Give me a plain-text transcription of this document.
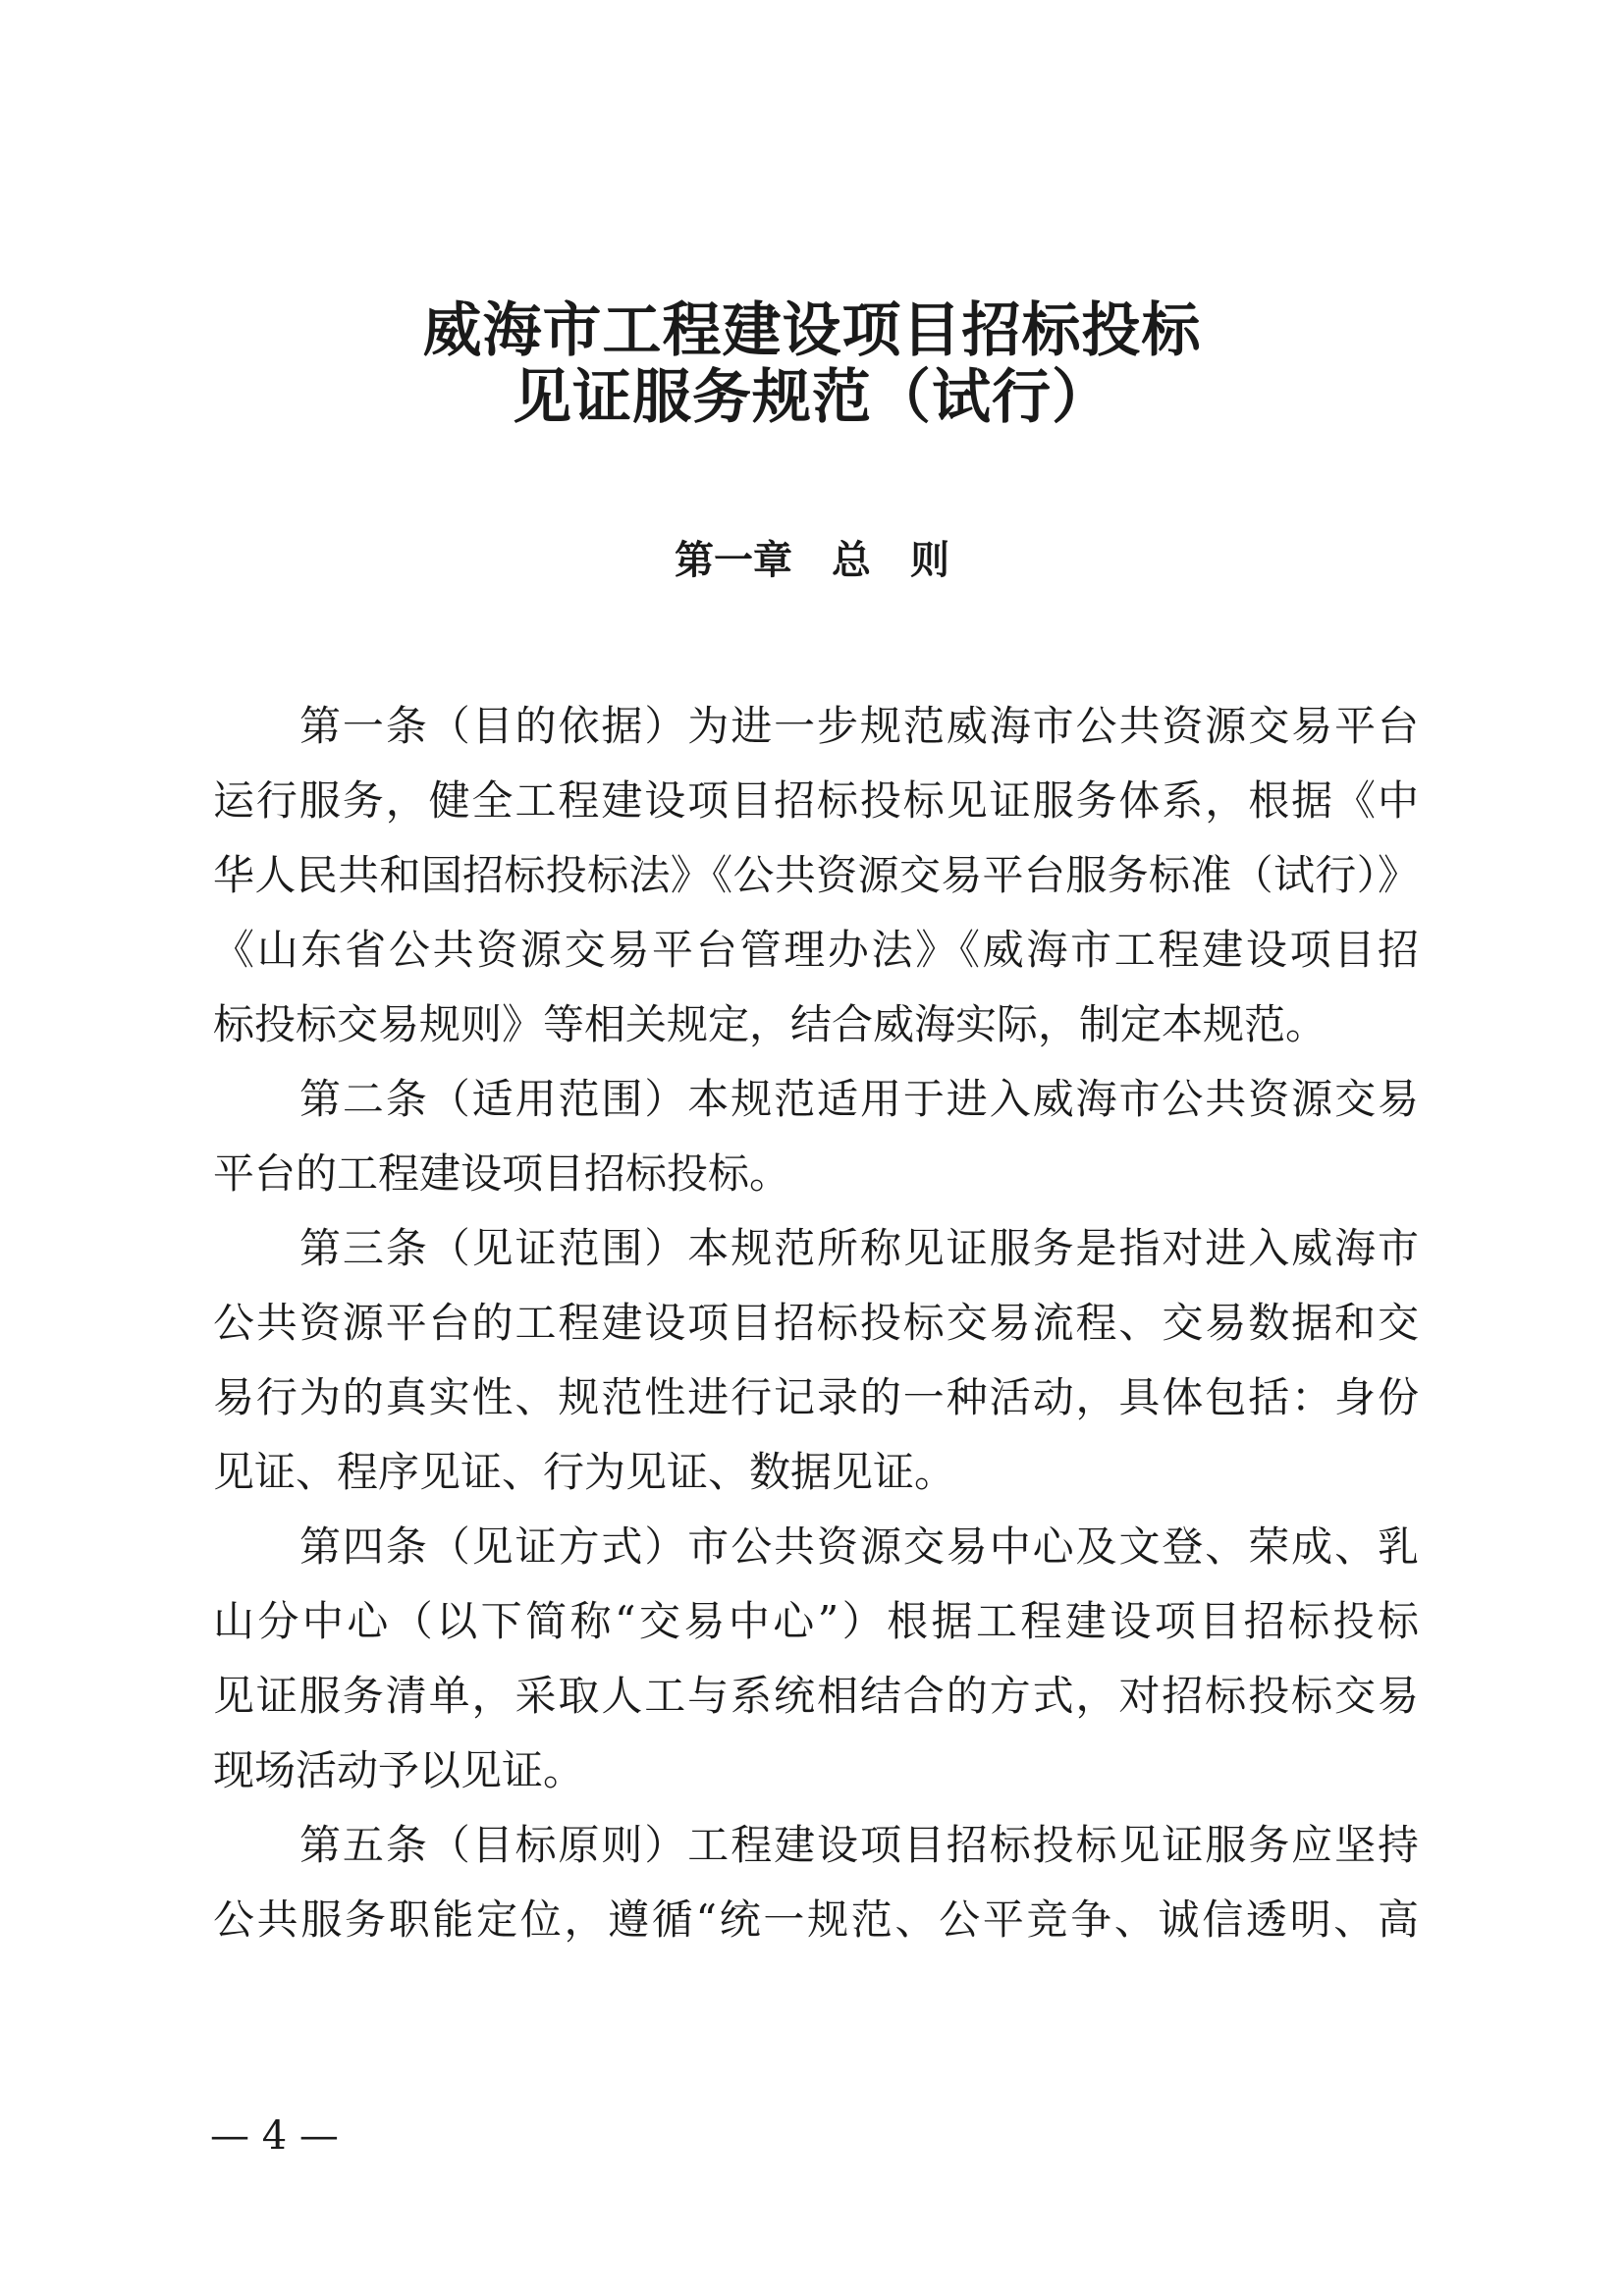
威海市工程建设项目招标投标
见证服务规范（试行）
第一章　总　则
第一条（目的依据）为进一步规范威海市公共资源交易平台
运行服务，健全工程建设项目招标投标见证服务体系，根据《中
华人民共和国招标投标法》《公共资源交易平台服务标准（试行）》
《山东省公共资源交易平台管理办法》《威海市工程建设项目招
标投标交易规则》等相关规定，结合威海实际，制定本规范。
第二条（适用范围）本规范适用于进入威海市公共资源交易
平台的工程建设项目招标投标。
第三条（见证范围）本规范所称见证服务是指对进入威海市
公共资源平台的工程建设项目招标投标交易流程、交易数据和交
易行为的真实性、规范性进行记录的一种活动，具体包括：身份
见证、程序见证、行为见证、数据见证。
第四条（见证方式）市公共资源交易中心及文登、荣成、乳
山分中心（以下简称“交易中心”）根据工程建设项目招标投标
见证服务清单，采取人工与系统相结合的方式，对招标投标交易
现场活动予以见证。
第五条（目标原则）工程建设项目招标投标见证服务应坚持
公共服务职能定位，遵循“统一规范、公平竞争、诚信透明、高
— 4 —
